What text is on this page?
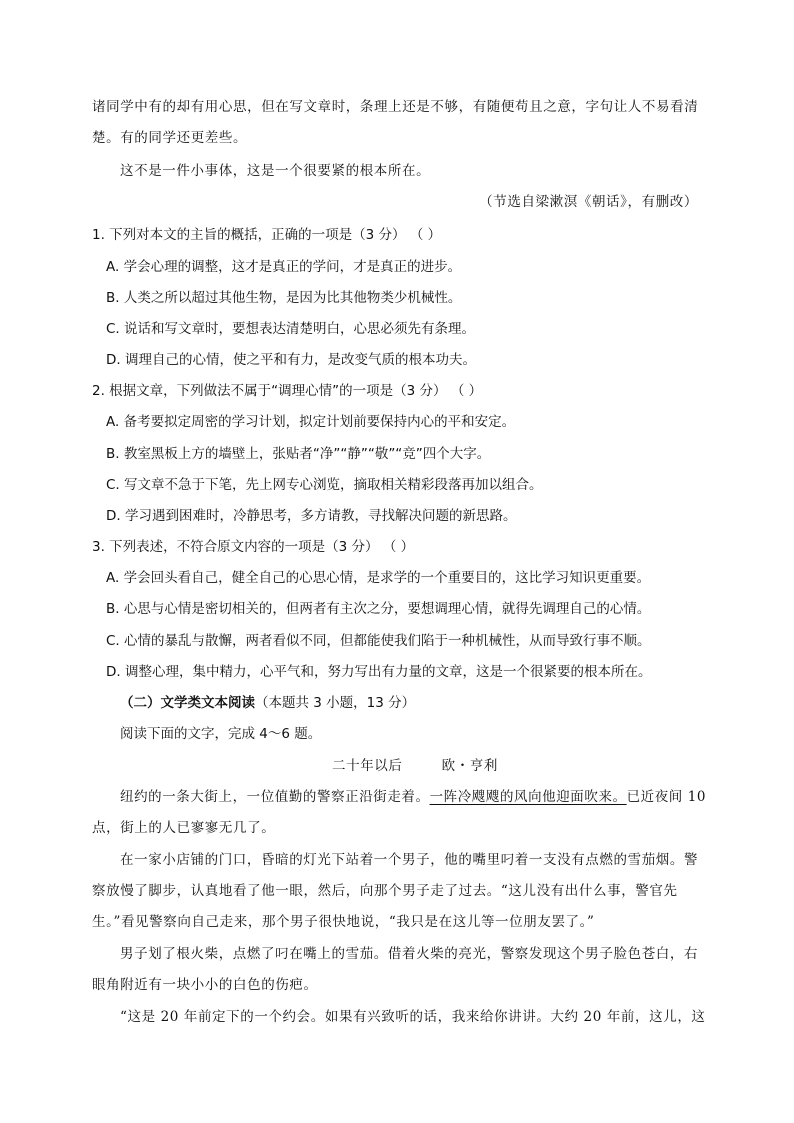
诸同学中有的却有用心思，但在写文章时，条理上还是不够，有随便苟且之意，字句让人不易看清
楚。有的同学还更差些。
这不是一件小事体，这是一个很要紧的根本所在。
（节选自梁漱溟《朝话》，有删改）
1. 下列对本文的主旨的概括，正确的一项是（3 分） （ ）
A. 学会心理的调整，这才是真正的学问，才是真正的进步。
B. 人类之所以超过其他生物，是因为比其他物类少机械性。
C. 说话和写文章时，要想表达清楚明白，心思必须先有条理。
D. 调理自己的心情，使之平和有力，是改变气质的根本功夫。
2. 根据文章，下列做法不属于“调理心情”的一项是（3 分） （ ）
A. 备考要拟定周密的学习计划，拟定计划前要保持内心的平和安定。
B. 教室黑板上方的墙壁上，张贴者“净”“静”“敬”“竞”四个大字。
C. 写文章不急于下笔，先上网专心浏览，摘取相关精彩段落再加以组合。
D. 学习遇到困难时，冷静思考，多方请教，寻找解决问题的新思路。
3. 下列表述，不符合原文内容的一项是（3 分） （ ）
A. 学会回头看自己，健全自己的心思心情，是求学的一个重要目的，这比学习知识更重要。
B. 心思与心情是密切相关的，但两者有主次之分，要想调理心情，就得先调理自己的心情。
C. 心情的暴乱与散懈，两者看似不同，但都能使我们陷于一种机械性，从而导致行事不顺。
D. 调整心理，集中精力，心平气和，努力写出有力量的文章，这是一个很紧要的根本所在。
（二）文学类文本阅读（本题共 3 小题，13 分）
阅读下面的文字，完成 4～6 题。
二十年以后        欧・亨利
纽约的一条大街上，一位值勤的警察正沿街走着。一阵冷飕飕的风向他迎面吹来。已近夜间 10
点，街上的人已寥寥无几了。
在一家小店铺的门口，昏暗的灯光下站着一个男子，他的嘴里叼着一支没有点燃的雪茄烟。警
察放慢了脚步，认真地看了他一眼，然后，向那个男子走了过去。“这儿没有出什么事，警官先
生。”看见警察向自己走来，那个男子很快地说，“我只是在这儿等一位朋友罢了。”
男子划了根火柴，点燃了叼在嘴上的雪茄。借着火柴的亮光，警察发现这个男子脸色苍白，右
眼角附近有一块小小的白色的伤疤。
“这是 20 年前定下的一个约会。如果有兴致听的话，我来给你讲讲。大约 20 年前，这儿，这
